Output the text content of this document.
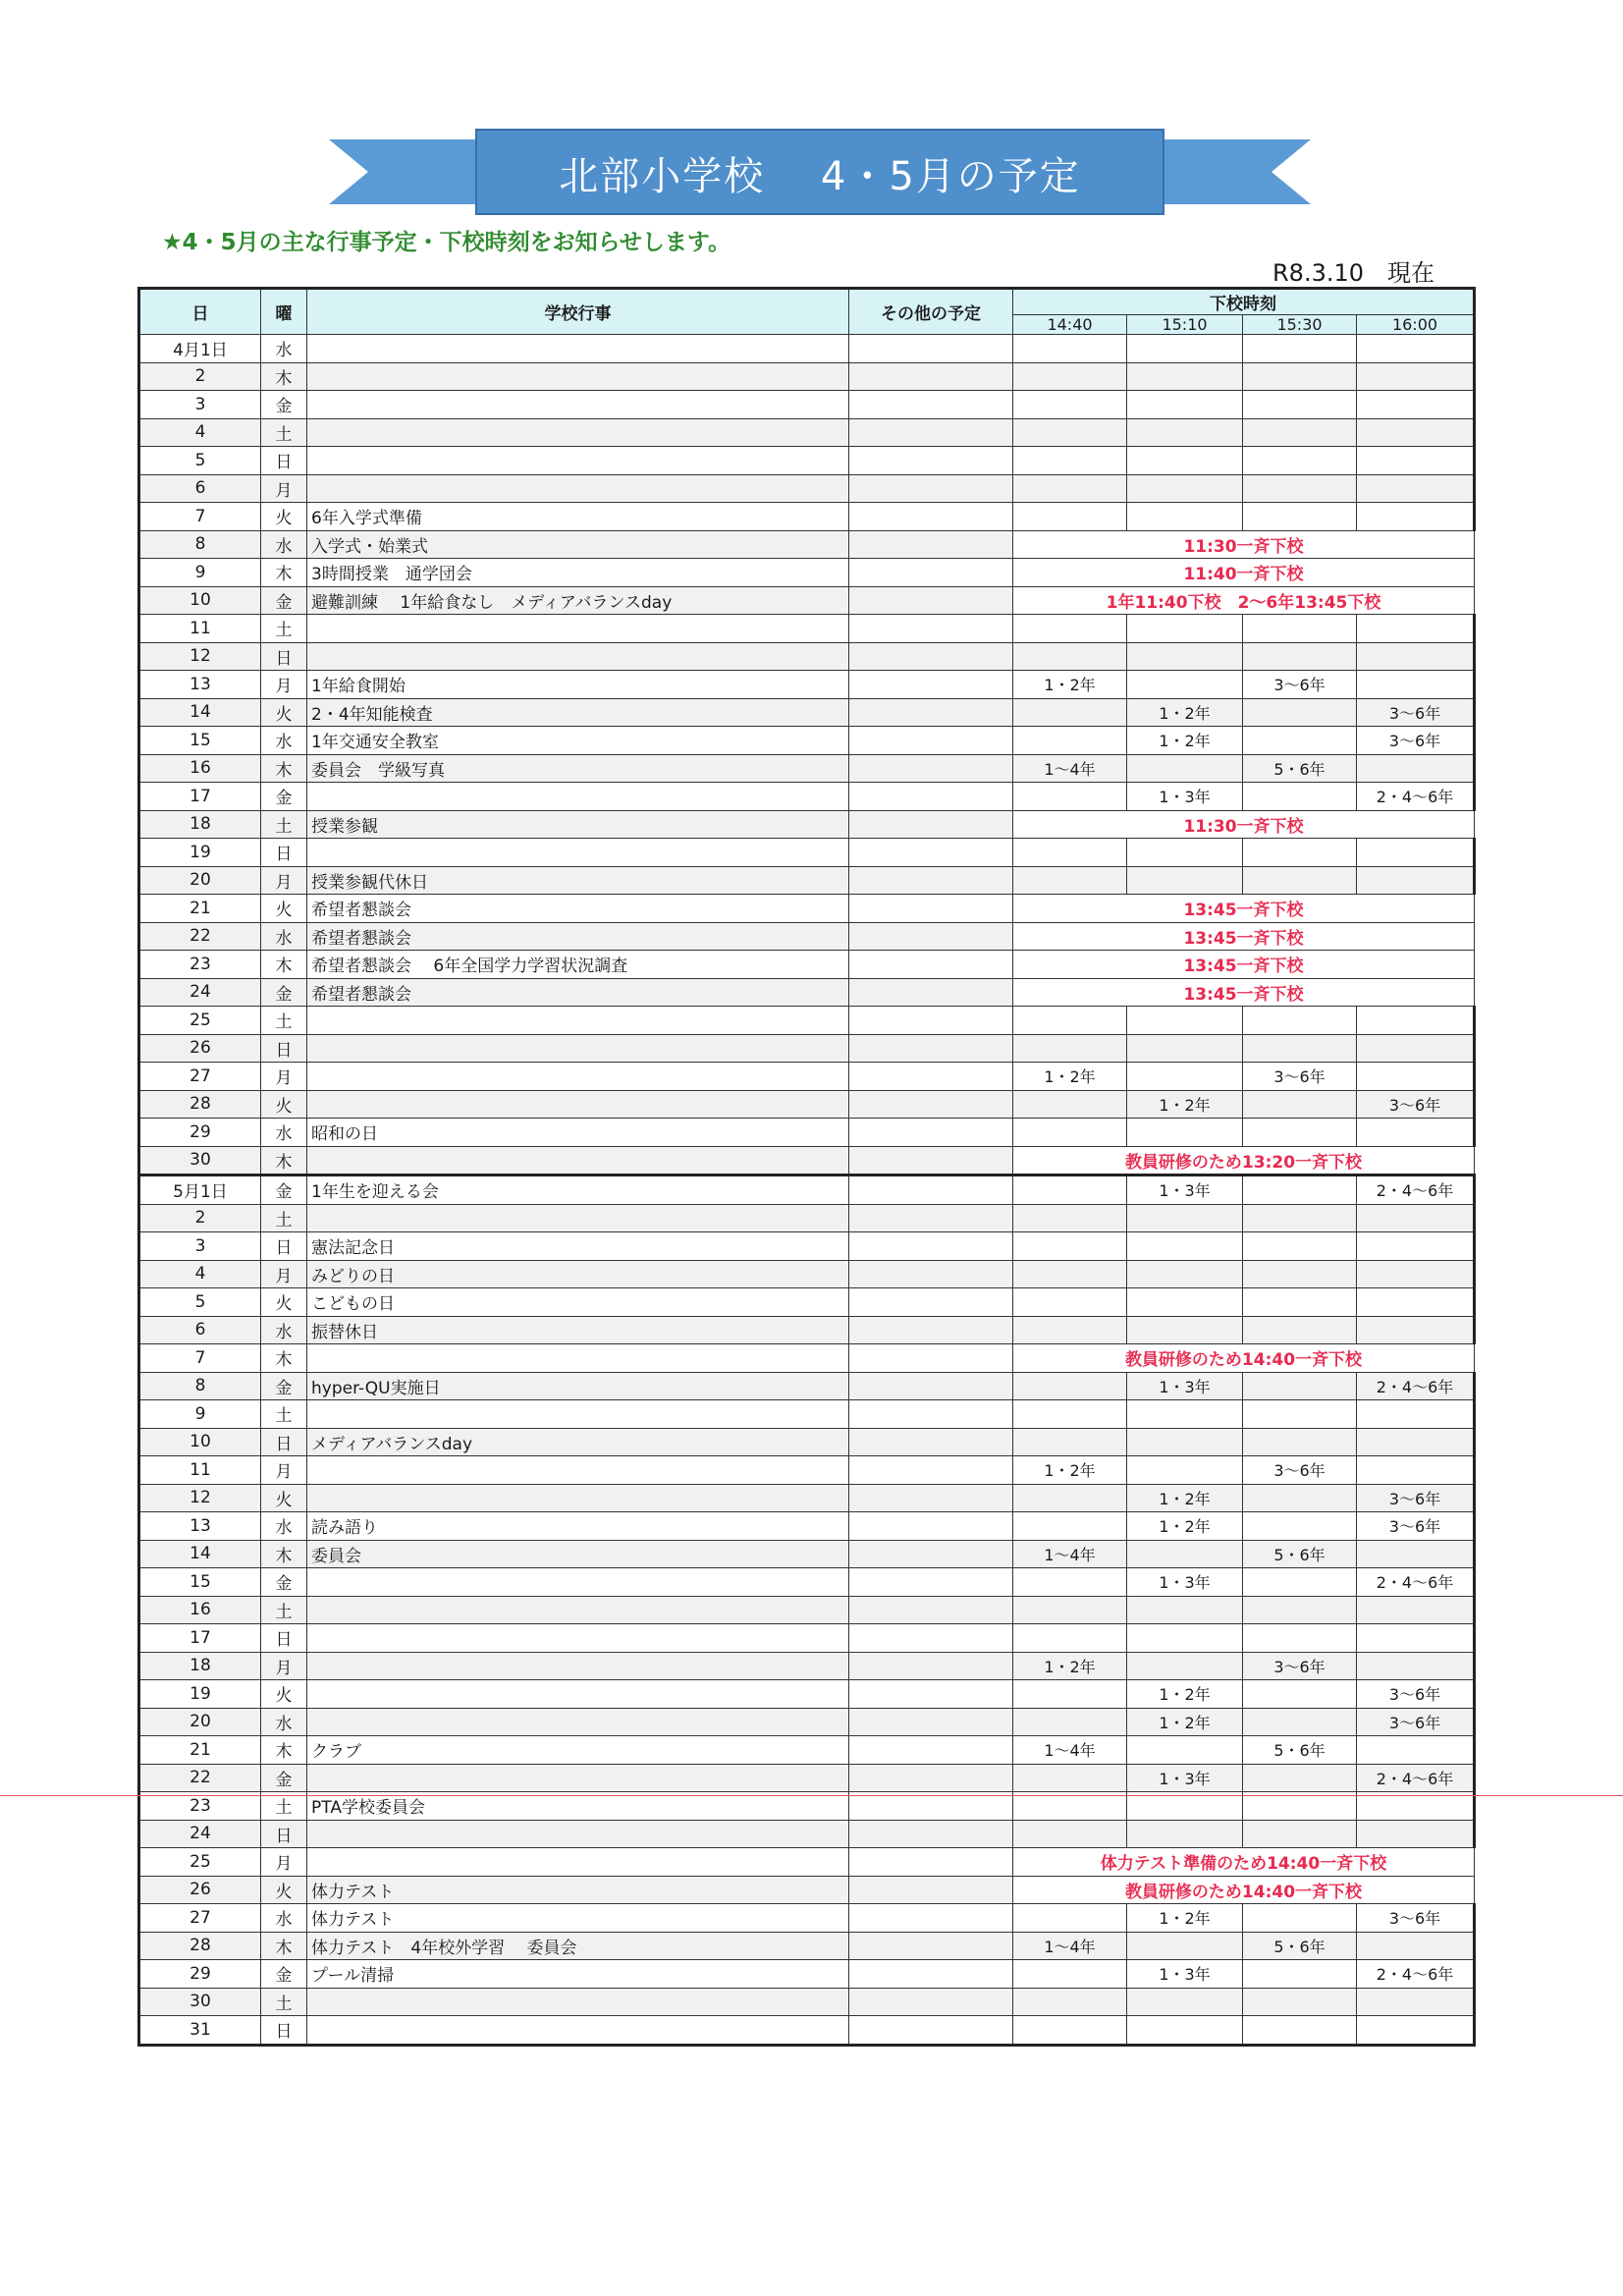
北部小学校　 4・5月の予定
★4・5月の主な行事予定・下校時刻をお知らせします。
R8.3.10　現在
日	曜	学校行事	その他の予定	下校時刻			
				14:40	15:10	15:30	16:00
4月1日	水						
2	木						
3	金						
4	土						
5	日						
6	月						
7	火	6年入学式準備					
8	水	入学式・始業式		11:30一斉下校			
9	木	3時間授業　通学団会		11:40一斉下校			
10	金	避難訓練　 1年給食なし　メディアバランスday		1年11:40下校　2～6年13:45下校			
11	土						
12	日						
13	月	1年給食開始		1・2年		3～6年	
14	火	2・4年知能検査			1・2年		3～6年
15	水	1年交通安全教室			1・2年		3～6年
16	木	委員会　学級写真		1～4年		5・6年	
17	金				1・3年		2・4～6年
18	土	授業参観		11:30一斉下校			
19	日						
20	月	授業参観代休日					
21	火	希望者懇談会		13:45一斉下校			
22	水	希望者懇談会		13:45一斉下校			
23	木	希望者懇談会　 6年全国学力学習状況調査		13:45一斉下校			
24	金	希望者懇談会		13:45一斉下校			
25	土						
26	日						
27	月			1・2年		3～6年	
28	火				1・2年		3～6年
29	水	昭和の日					
30	木			教員研修のため13:20一斉下校			
5月1日	金	1年生を迎える会			1・3年		2・4～6年
2	土						
3	日	憲法記念日					
4	月	みどりの日					
5	火	こどもの日					
6	水	振替休日					
7	木			教員研修のため14:40一斉下校			
8	金	hyper-QU実施日			1・3年		2・4～6年
9	土						
10	日	メディアバランスday					
11	月			1・2年		3～6年	
12	火				1・2年		3～6年
13	水	読み語り			1・2年		3～6年
14	木	委員会		1～4年		5・6年	
15	金				1・3年		2・4～6年
16	土						
17	日						
18	月			1・2年		3～6年	
19	火				1・2年		3～6年
20	水				1・2年		3～6年
21	木	クラブ		1～4年		5・6年	
22	金				1・3年		2・4～6年
23	土	PTA学校委員会					
24	日						
25	月			体力テスト準備のため14:40一斉下校			
26	火	体力テスト		教員研修のため14:40一斉下校			
27	水	体力テスト			1・2年		3～6年
28	木	体力テスト　4年校外学習　 委員会		1～4年		5・6年	
29	金	プール清掃			1・3年		2・4～6年
30	土						
31	日						
